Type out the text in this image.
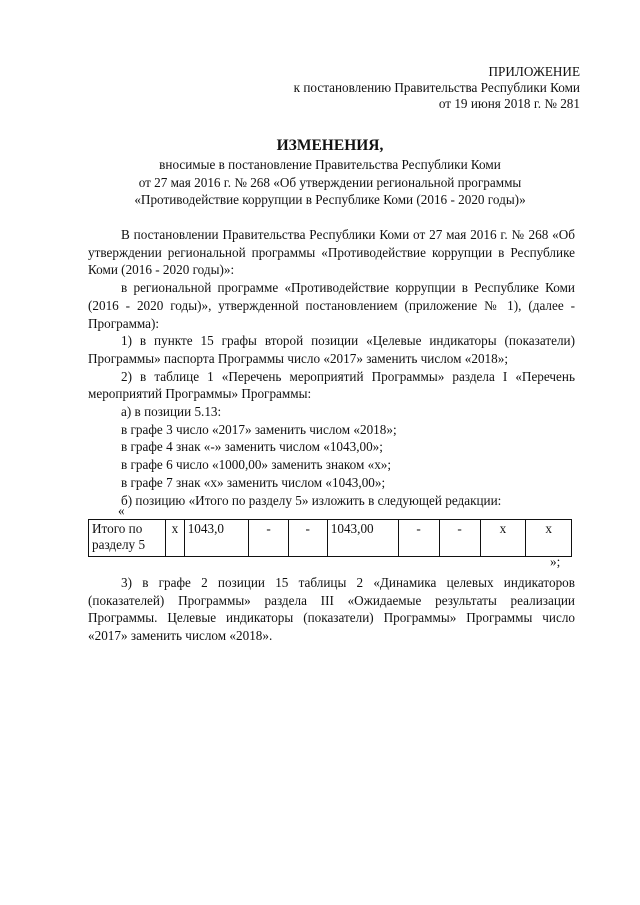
ПРИЛОЖЕНИЕ
к постановлению Правительства Республики Коми
от 19 июня 2018 г. № 281
ИЗМЕНЕНИЯ,
вносимые в постановление Правительства Республики Коми
от 27 мая 2016 г. № 268 «Об утверждении региональной программы
«Противодействие коррупции в Республике Коми (2016 - 2020 годы)»

В постановлении Правительства Республики Коми от 27 мая 2016 г. № 268 «Об утверждении региональной программы «Противодействие коррупции в Республике Коми (2016 - 2020 годы)»:

в региональной программе «Противодействие коррупции в Республике Коми (2016 - 2020 годы)», утвержденной постановлением (приложение № 1), (далее - Программа):

1) в пункте 15 графы второй позиции «Целевые индикаторы (показатели) Программы» паспорта Программы число «2017» заменить числом «2018»;

2) в таблице 1 «Перечень мероприятий Программы» раздела I «Перечень мероприятий Программы» Программы:

а) в позиции 5.13:

в графе 3 число «2017» заменить числом «2018»;

в графе 4 знак «-» заменить числом «1043,00»;

в графе 6 число «1000,00» заменить знаком «x»;

в графе 7 знак «x» заменить числом «1043,00»;

б) позицию «Итого по разделу 5» изложить в следующей редакции:

«
Итого по разделу 5	x	1043,0	-	-	1043,00	-	-	x	x
»;

3) в графе 2 позиции 15 таблицы 2 «Динамика целевых индикаторов (показателей) Программы» раздела III «Ожидаемые результаты реализации Программы. Целевые индикаторы (показатели) Программы» Программы число «2017» заменить числом «2018».
